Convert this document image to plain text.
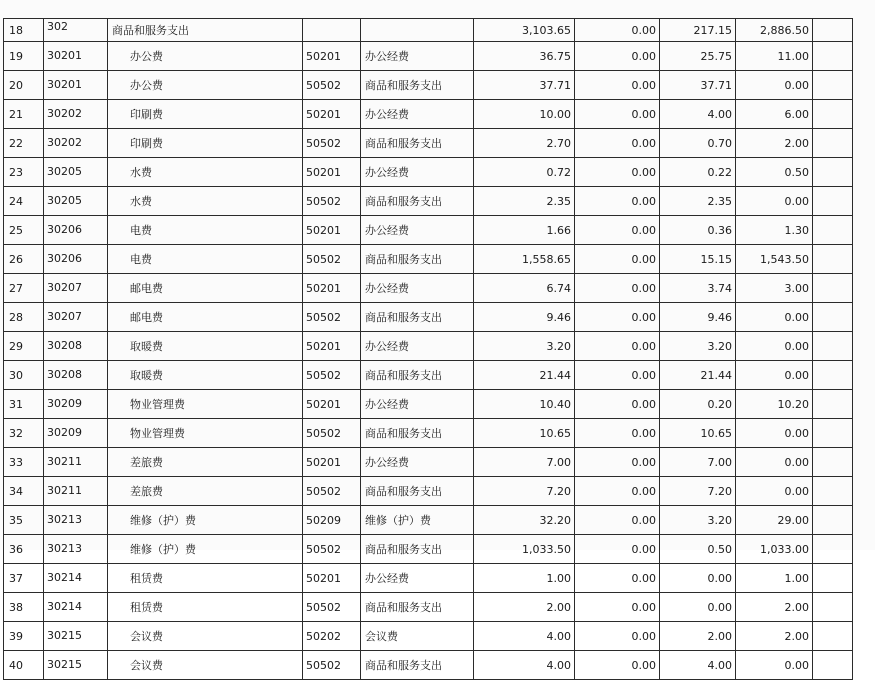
18	302	商品和服务支出			3,103.65	0.00	217.15	2,886.50	
19	30201	办公费	50201	办公经费	36.75	0.00	25.75	11.00	
20	30201	办公费	50502	商品和服务支出	37.71	0.00	37.71	0.00	
21	30202	印刷费	50201	办公经费	10.00	0.00	4.00	6.00	
22	30202	印刷费	50502	商品和服务支出	2.70	0.00	0.70	2.00	
23	30205	水费	50201	办公经费	0.72	0.00	0.22	0.50	
24	30205	水费	50502	商品和服务支出	2.35	0.00	2.35	0.00	
25	30206	电费	50201	办公经费	1.66	0.00	0.36	1.30	
26	30206	电费	50502	商品和服务支出	1,558.65	0.00	15.15	1,543.50	
27	30207	邮电费	50201	办公经费	6.74	0.00	3.74	3.00	
28	30207	邮电费	50502	商品和服务支出	9.46	0.00	9.46	0.00	
29	30208	取暖费	50201	办公经费	3.20	0.00	3.20	0.00	
30	30208	取暖费	50502	商品和服务支出	21.44	0.00	21.44	0.00	
31	30209	物业管理费	50201	办公经费	10.40	0.00	0.20	10.20	
32	30209	物业管理费	50502	商品和服务支出	10.65	0.00	10.65	0.00	
33	30211	差旅费	50201	办公经费	7.00	0.00	7.00	0.00	
34	30211	差旅费	50502	商品和服务支出	7.20	0.00	7.20	0.00	
35	30213	维修（护）费	50209	维修（护）费	32.20	0.00	3.20	29.00	
36	30213	维修（护）费	50502	商品和服务支出	1,033.50	0.00	0.50	1,033.00	
37	30214	租赁费	50201	办公经费	1.00	0.00	0.00	1.00	
38	30214	租赁费	50502	商品和服务支出	2.00	0.00	0.00	2.00	
39	30215	会议费	50202	会议费	4.00	0.00	2.00	2.00	
40	30215	会议费	50502	商品和服务支出	4.00	0.00	4.00	0.00	
